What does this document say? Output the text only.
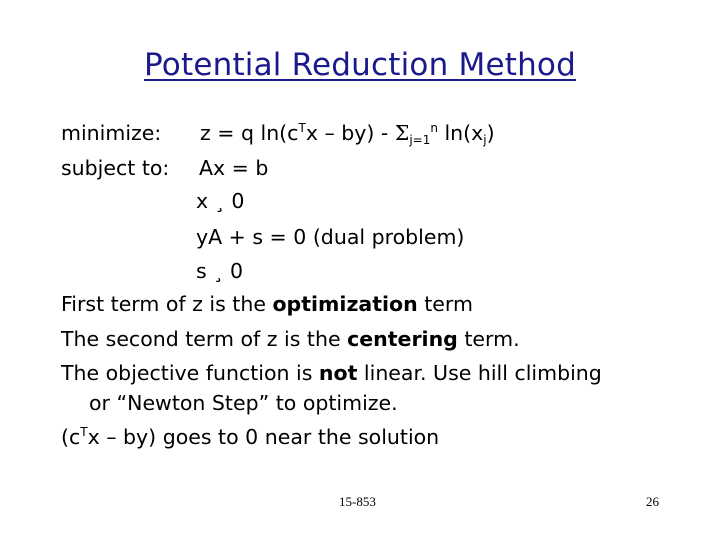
Potential Reduction Method
minimize: z = q $\ln(c^Tx - by) - \Sigma_{j=1}^n$ $\ln(x_j)$
subject to: Ax = b
x ¸ 0
yA + s = 0 (dual problem)
s ¸ 0
First term of z is the optimization term
The second term of z is the centering term.
The objective function is not linear. Use hill climbing
or “Newton Step” to optimize.
$(c^Tx - by)$ goes to 0 near the solution
15-853	26
